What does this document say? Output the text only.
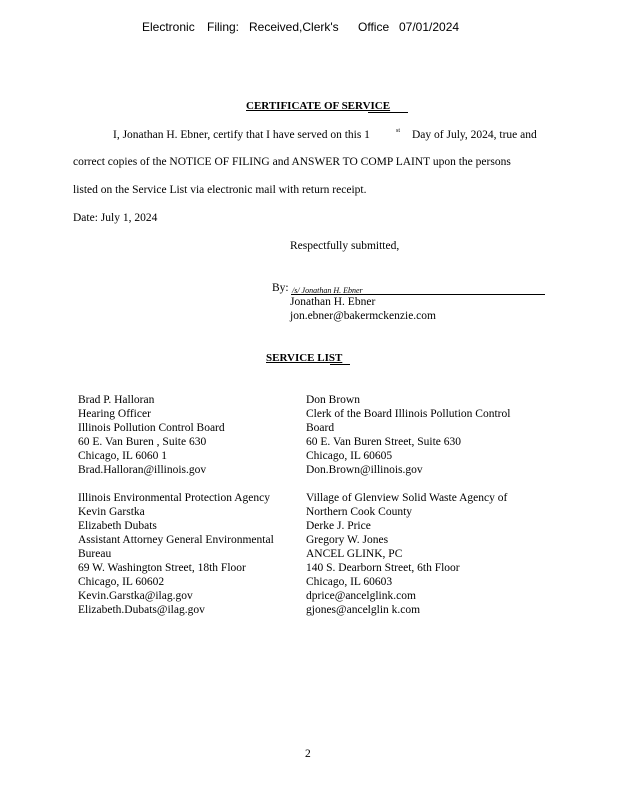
Electronic Filing: Received,Clerk's Office 07/01/2024
CERTIFICATE OF SERVICE
I, Jonathan H. Ebner, certify that I have served on this 1	st Day of July, 2024, true and
correct copies of the NOTICE OF FILING and ANSWER TO COMP LAINT upon the persons
listed on the Service List via electronic mail with return receipt.
Date: July 1, 2024
Respectfully submitted,
By: /s/ Jonathan H. Ebner
Jonathan H. Ebner
jon.ebner@bakermckenzie.com
SERVICE LIST
Brad P. Halloran
Hearing Officer
Illinois Pollution Control Board
60 E. Van Buren , Suite 630
Chicago, IL 6060 1
Brad.Halloran@illinois.gov
Illinois Environmental Protection Agency
Kevin Garstka
Elizabeth Dubats
Assistant Attorney General Environmental
Bureau
69 W. Washington Street, 18th Floor
Chicago, IL 60602
Kevin.Garstka@ilag.gov
Elizabeth.Dubats@ilag.gov
Don Brown
Clerk of the Board Illinois Pollution Control
Board
60 E. Van Buren Street, Suite 630
Chicago, IL 60605
Don.Brown@illinois.gov
Village of Glenview Solid Waste Agency of
Northern Cook County
Derke J. Price
Gregory W. Jones
ANCEL GLINK, PC
140 S. Dearborn Street, 6th Floor
Chicago, IL 60603
dprice@ancelglink.com
gjones@ancelglin k.com
2
